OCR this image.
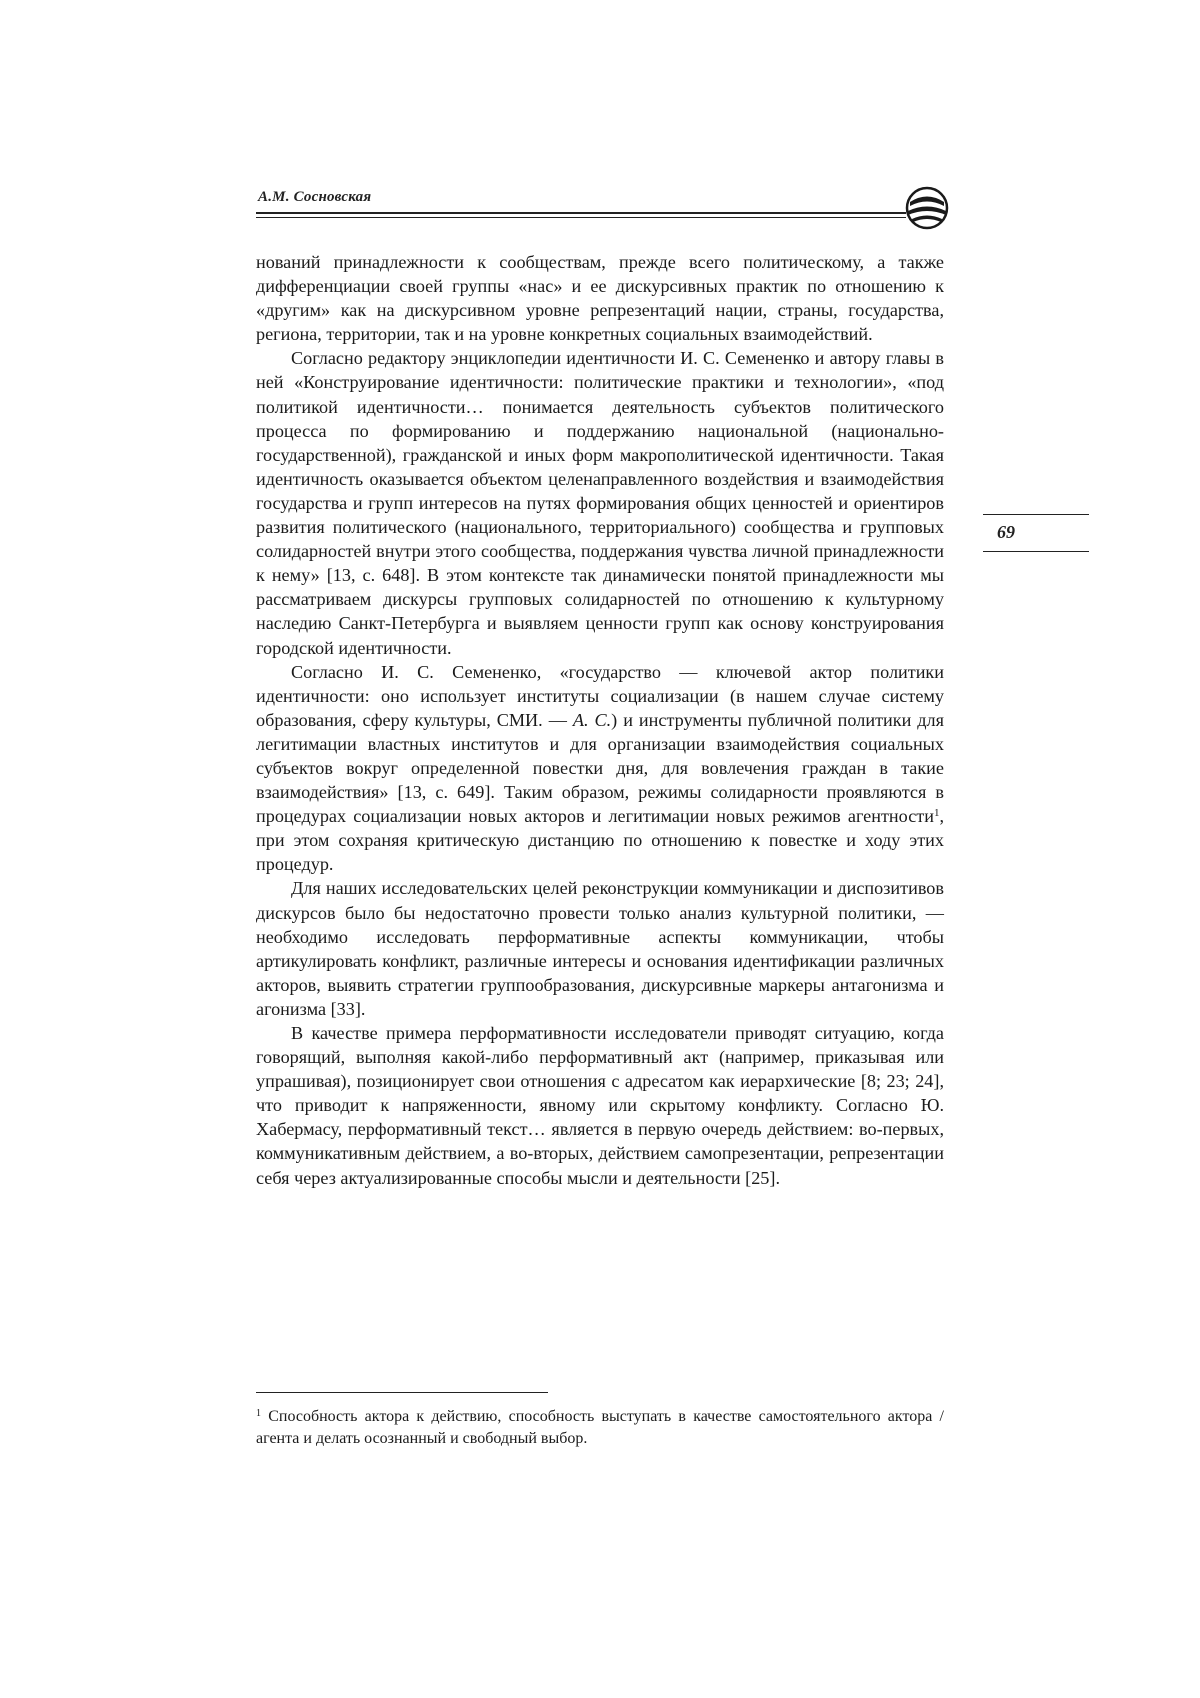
А.М. Сосновская
69

нований принадлежности к сообществам, прежде всего политическому, а также дифференциации своей группы «нас» и ее дискурсивных практик по отношению к «другим» как на дискурсивном уровне репрезентаций нации, страны, государства, региона, территории, так и на уровне конкретных социальных взаимодействий.

Согласно редактору энциклопедии идентичности И. С. Семененко и автору главы в ней «Конструирование идентичности: политические практики и технологии», «под политикой идентичности… понимается деятельность субъектов политического процесса по формированию и поддержанию национальной (национально-государственной), гражданской и иных форм макрополитической идентичности. Такая идентичность оказывается объектом целенаправленного воздействия и взаимодействия государства и групп интересов на путях формирования общих ценностей и ориентиров развития политического (национального, территориального) сообщества и групповых солидарностей внутри этого сообщества, поддержания чувства личной принадлежности к нему» [13, с. 648]. В этом контексте так динамически понятой принадлежности мы рассматриваем дискурсы групповых солидарностей по отношению к культурному наследию Санкт-Петербурга и выявляем ценности групп как основу конструирования городской идентичности.

Согласно И. С. Семененко, «государство — ключевой актор политики идентичности: оно использует институты социализации (в нашем случае систему образования, сферу культуры, СМИ. — А. С.) и инструменты публичной политики для легитимации властных институтов и для организации взаимодействия социальных субъектов вокруг определенной повестки дня, для вовлечения граждан в такие взаимодействия» [13, с. 649]. Таким образом, режимы солидарности проявляются в процедурах социализации новых акторов и легитимации новых режимов агентности$^1$, при этом сохраняя критическую дистанцию по отношению к повестке и ходу этих процедур.

Для наших исследовательских целей реконструкции коммуникации и диспозитивов дискурсов было бы недостаточно провести только анализ культурной политики, — необходимо исследовать перформативные аспекты коммуникации, чтобы артикулировать конфликт, различные интересы и основания идентификации различных акторов, выявить стратегии группообразования, дискурсивные маркеры антагонизма и агонизма [33].

В качестве примера перформативности исследователи приводят ситуацию, когда говорящий, выполняя какой-либо перформативный акт (например, приказывая или упрашивая), позиционирует свои отношения с адресатом как иерархические [8; 23; 24], что приводит к напряженности, явному или скрытому конфликту. Согласно Ю. Хабермасу, перформативный текст… является в первую очередь действием: во-первых, коммуникативным действием, а во-вторых, действием самопрезентации, репрезентации себя через актуализированные способы мысли и деятельности [25].

$^1$ Способность актора к действию, способность выступать в качестве самостоятельного актора / агента и делать осознанный и свободный выбор.
